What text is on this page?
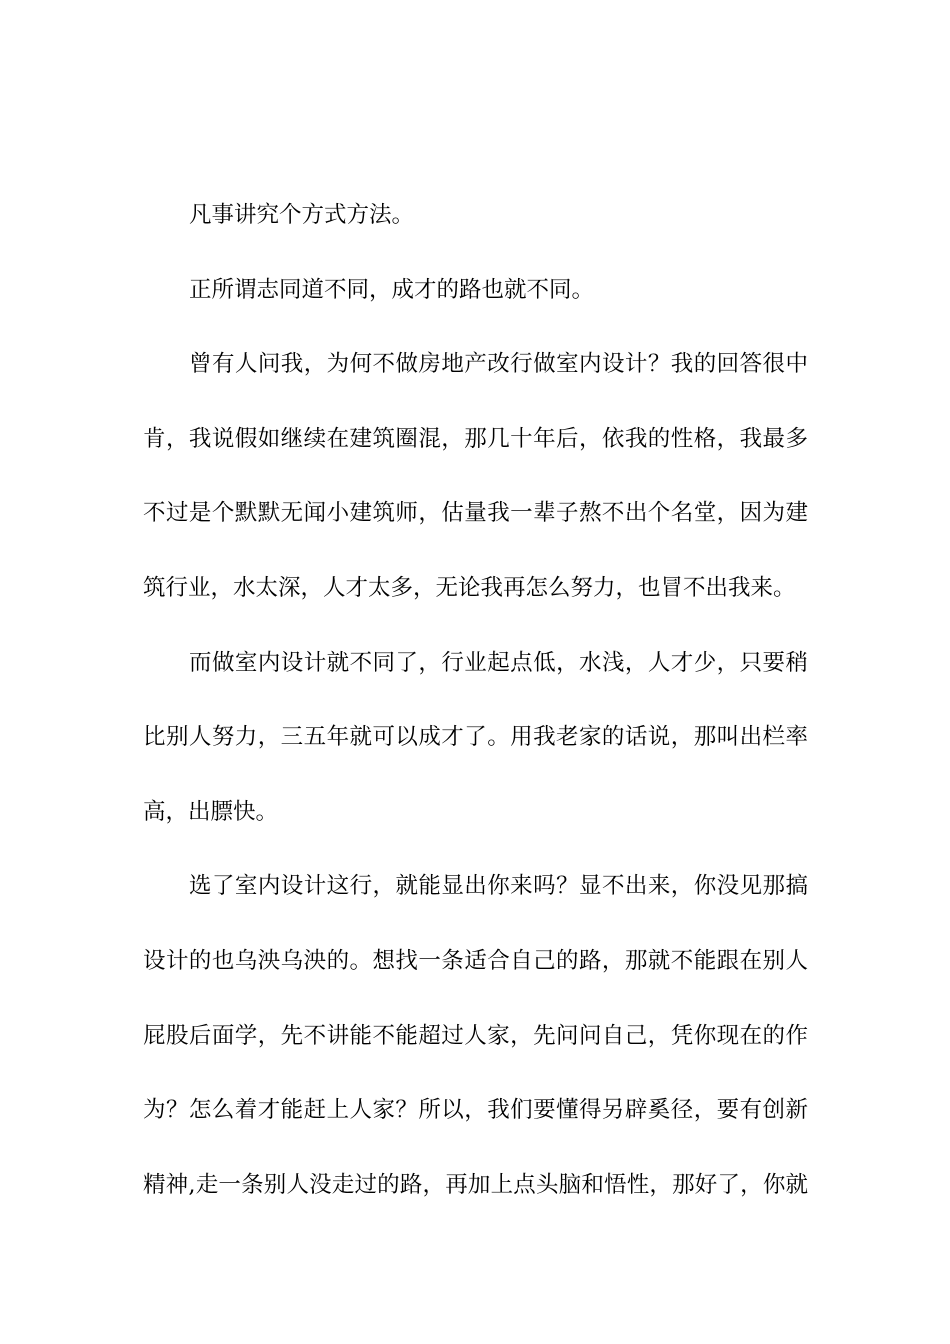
凡事讲究个方式方法。
正所谓志同道不同，成才的路也就不同。
曾有人问我，为何不做房地产改行做室内设计？我的回答很中
肯，我说假如继续在建筑圈混，那几十年后，依我的性格，我最多
不过是个默默无闻小建筑师，估量我一辈子熬不出个名堂，因为建
筑行业，水太深，人才太多，无论我再怎么努力，也冒不出我来。
而做室内设计就不同了，行业起点低，水浅，人才少，只要稍
比别人努力，三五年就可以成才了。用我老家的话说，那叫出栏率
高，出膘快。
选了室内设计这行，就能显出你来吗？显不出来，你没见那搞
设计的也乌泱乌泱的。想找一条适合自己的路，那就不能跟在别人
屁股后面学，先不讲能不能超过人家，先问问自己，凭你现在的作
为？怎么着才能赶上人家？所以，我们要懂得另辟奚径，要有创新
精神,走一条别人没走过的路，再加上点头脑和悟性，那好了，你就
